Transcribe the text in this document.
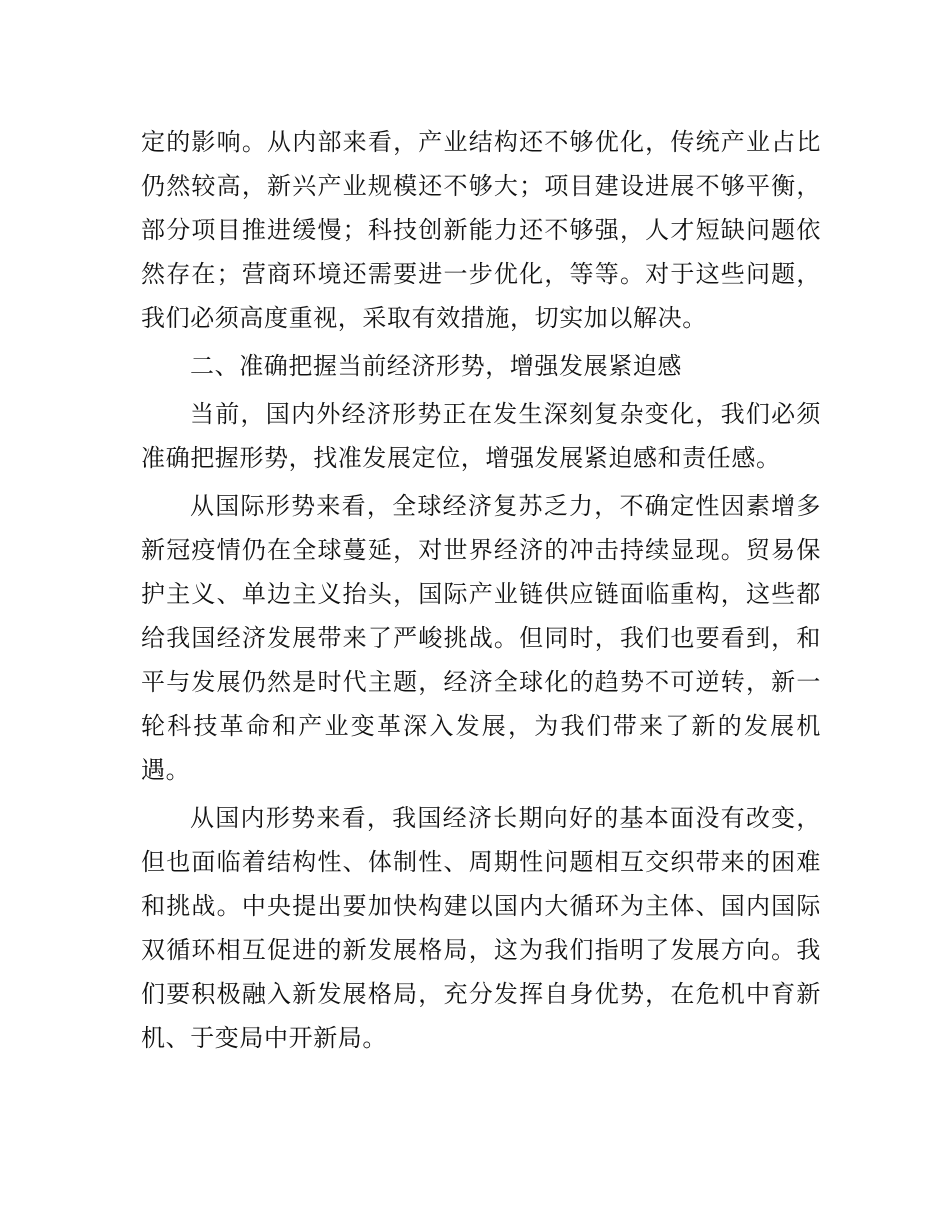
定的影响。从内部来看，产业结构还不够优化，传统产业占比仍然较高，新兴产业规模还不够大；项目建设进展不够平衡，部分项目推进缓慢；科技创新能力还不够强，人才短缺问题依然存在；营商环境还需要进一步优化，等等。对于这些问题，我们必须高度重视，采取有效措施，切实加以解决。

二、准确把握当前经济形势，增强发展紧迫感

当前，国内外经济形势正在发生深刻复杂变化，我们必须准确把握形势，找准发展定位，增强发展紧迫感和责任感。

从国际形势来看，全球经济复苏乏力，不确定性因素增多新冠疫情仍在全球蔓延，对世界经济的冲击持续显现。贸易保护主义、单边主义抬头，国际产业链供应链面临重构，这些都给我国经济发展带来了严峻挑战。但同时，我们也要看到，和平与发展仍然是时代主题，经济全球化的趋势不可逆转，新一轮科技革命和产业变革深入发展，为我们带来了新的发展机遇。

从国内形势来看，我国经济长期向好的基本面没有改变，但也面临着结构性、体制性、周期性问题相互交织带来的困难和挑战。中央提出要加快构建以国内大循环为主体、国内国际双循环相互促进的新发展格局，这为我们指明了发展方向。我们要积极融入新发展格局，充分发挥自身优势，在危机中育新机、于变局中开新局。
